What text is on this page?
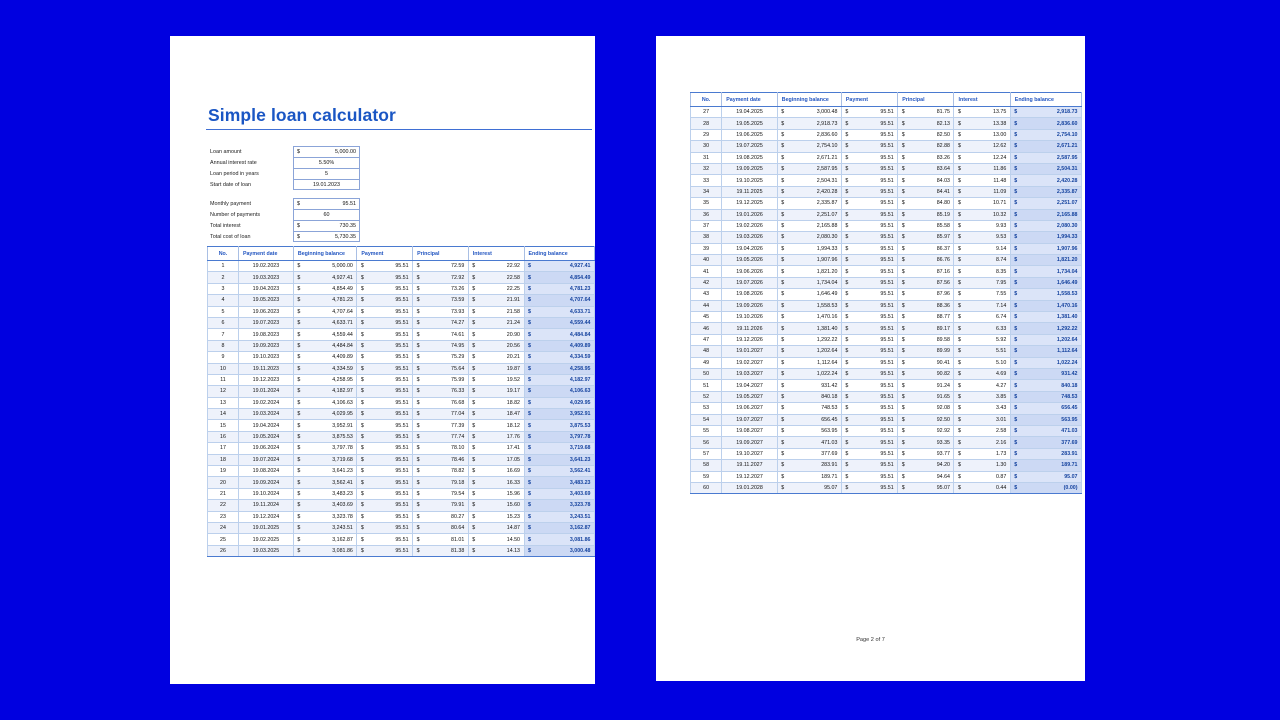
Simple loan calculator
Loan amount	$	5,000.00
Annual interest rate	5.50%
Loan period in years	5
Start date of loan	19.01.2023
Monthly payment	$	95.51
Number of payments	60
Total interest	$	730.35
Total cost of loan	$	5,730.35
No.	Payment date	Beginning balance	Payment	Principal	Interest	Ending balance
1	19.02.2023	$ 5,000.00	$ 95.51	$ 72.59	$ 22.92	$ 4,927.41
2	19.03.2023	$ 4,927.41	$ 95.51	$ 72.92	$ 22.58	$ 4,854.49
3	19.04.2023	$ 4,854.49	$ 95.51	$ 73.26	$ 22.25	$ 4,781.23
4	19.05.2023	$ 4,781.23	$ 95.51	$ 73.59	$ 21.91	$ 4,707.64
5	19.06.2023	$ 4,707.64	$ 95.51	$ 73.93	$ 21.58	$ 4,633.71
6	19.07.2023	$ 4,633.71	$ 95.51	$ 74.27	$ 21.24	$ 4,559.44
7	19.08.2023	$ 4,559.44	$ 95.51	$ 74.61	$ 20.90	$ 4,484.84
8	19.09.2023	$ 4,484.84	$ 95.51	$ 74.95	$ 20.56	$ 4,409.89
9	19.10.2023	$ 4,409.89	$ 95.51	$ 75.29	$ 20.21	$ 4,334.59
10	19.11.2023	$ 4,334.59	$ 95.51	$ 75.64	$ 19.87	$ 4,258.95
11	19.12.2023	$ 4,258.95	$ 95.51	$ 75.99	$ 19.52	$ 4,182.97
12	19.01.2024	$ 4,182.97	$ 95.51	$ 76.33	$ 19.17	$ 4,106.63
13	19.02.2024	$ 4,106.63	$ 95.51	$ 76.68	$ 18.82	$ 4,029.95
14	19.03.2024	$ 4,029.95	$ 95.51	$ 77.04	$ 18.47	$ 3,952.91
15	19.04.2024	$ 3,952.91	$ 95.51	$ 77.39	$ 18.12	$ 3,875.53
16	19.05.2024	$ 3,875.53	$ 95.51	$ 77.74	$ 17.76	$ 3,797.78
17	19.06.2024	$ 3,797.78	$ 95.51	$ 78.10	$ 17.41	$ 3,719.68
18	19.07.2024	$ 3,719.68	$ 95.51	$ 78.46	$ 17.05	$ 3,641.23
19	19.08.2024	$ 3,641.23	$ 95.51	$ 78.82	$ 16.69	$ 3,562.41
20	19.09.2024	$ 3,562.41	$ 95.51	$ 79.18	$ 16.33	$ 3,483.23
21	19.10.2024	$ 3,483.23	$ 95.51	$ 79.54	$ 15.96	$ 3,403.69
22	19.11.2024	$ 3,403.69	$ 95.51	$ 79.91	$ 15.60	$ 3,323.78
23	19.12.2024	$ 3,323.78	$ 95.51	$ 80.27	$ 15.23	$ 3,243.51
24	19.01.2025	$ 3,243.51	$ 95.51	$ 80.64	$ 14.87	$ 3,162.87
25	19.02.2025	$ 3,162.87	$ 95.51	$ 81.01	$ 14.50	$ 3,081.86
26	19.03.2025	$ 3,081.86	$ 95.51	$ 81.38	$ 14.13	$ 3,000.48
No.	Payment date	Beginning balance	Payment	Principal	Interest	Ending balance
27	19.04.2025	$ 3,000.48	$ 95.51	$ 81.75	$ 13.75	$ 2,918.73
28	19.05.2025	$ 2,918.73	$ 95.51	$ 82.13	$ 13.38	$ 2,836.60
29	19.06.2025	$ 2,836.60	$ 95.51	$ 82.50	$ 13.00	$ 2,754.10
30	19.07.2025	$ 2,754.10	$ 95.51	$ 82.88	$ 12.62	$ 2,671.21
31	19.08.2025	$ 2,671.21	$ 95.51	$ 83.26	$ 12.24	$ 2,587.95
32	19.09.2025	$ 2,587.95	$ 95.51	$ 83.64	$ 11.86	$ 2,504.31
33	19.10.2025	$ 2,504.31	$ 95.51	$ 84.03	$ 11.48	$ 2,420.28
34	19.11.2025	$ 2,420.28	$ 95.51	$ 84.41	$ 11.09	$ 2,335.87
35	19.12.2025	$ 2,335.87	$ 95.51	$ 84.80	$ 10.71	$ 2,251.07
36	19.01.2026	$ 2,251.07	$ 95.51	$ 85.19	$ 10.32	$ 2,165.88
37	19.02.2026	$ 2,165.88	$ 95.51	$ 85.58	$ 9.93	$ 2,080.30
38	19.03.2026	$ 2,080.30	$ 95.51	$ 85.97	$ 9.53	$ 1,994.33
39	19.04.2026	$ 1,994.33	$ 95.51	$ 86.37	$ 9.14	$ 1,907.96
40	19.05.2026	$ 1,907.96	$ 95.51	$ 86.76	$ 8.74	$ 1,821.20
41	19.06.2026	$ 1,821.20	$ 95.51	$ 87.16	$ 8.35	$ 1,734.04
42	19.07.2026	$ 1,734.04	$ 95.51	$ 87.56	$ 7.95	$ 1,646.49
43	19.08.2026	$ 1,646.49	$ 95.51	$ 87.96	$ 7.55	$ 1,558.53
44	19.09.2026	$ 1,558.53	$ 95.51	$ 88.36	$ 7.14	$ 1,470.16
45	19.10.2026	$ 1,470.16	$ 95.51	$ 88.77	$ 6.74	$ 1,381.40
46	19.11.2026	$ 1,381.40	$ 95.51	$ 89.17	$ 6.33	$ 1,292.22
47	19.12.2026	$ 1,292.22	$ 95.51	$ 89.58	$ 5.92	$ 1,202.64
48	19.01.2027	$ 1,202.64	$ 95.51	$ 89.99	$ 5.51	$ 1,112.64
49	19.02.2027	$ 1,112.64	$ 95.51	$ 90.41	$ 5.10	$ 1,022.24
50	19.03.2027	$ 1,022.24	$ 95.51	$ 90.82	$ 4.69	$ 931.42
51	19.04.2027	$ 931.42	$ 95.51	$ 91.24	$ 4.27	$ 840.18
52	19.05.2027	$ 840.18	$ 95.51	$ 91.65	$ 3.85	$ 748.53
53	19.06.2027	$ 748.53	$ 95.51	$ 92.08	$ 3.43	$ 656.45
54	19.07.2027	$ 656.45	$ 95.51	$ 92.50	$ 3.01	$ 563.95
55	19.08.2027	$ 563.95	$ 95.51	$ 92.92	$ 2.58	$ 471.03
56	19.09.2027	$ 471.03	$ 95.51	$ 93.35	$ 2.16	$ 377.69
57	19.10.2027	$ 377.69	$ 95.51	$ 93.77	$ 1.73	$ 283.91
58	19.11.2027	$ 283.91	$ 95.51	$ 94.20	$ 1.30	$ 189.71
59	19.12.2027	$ 189.71	$ 95.51	$ 94.64	$ 0.87	$ 95.07
60	19.01.2028	$ 95.07	$ 95.51	$ 95.07	$ 0.44	$ (0.00)
Page 2 of 7
